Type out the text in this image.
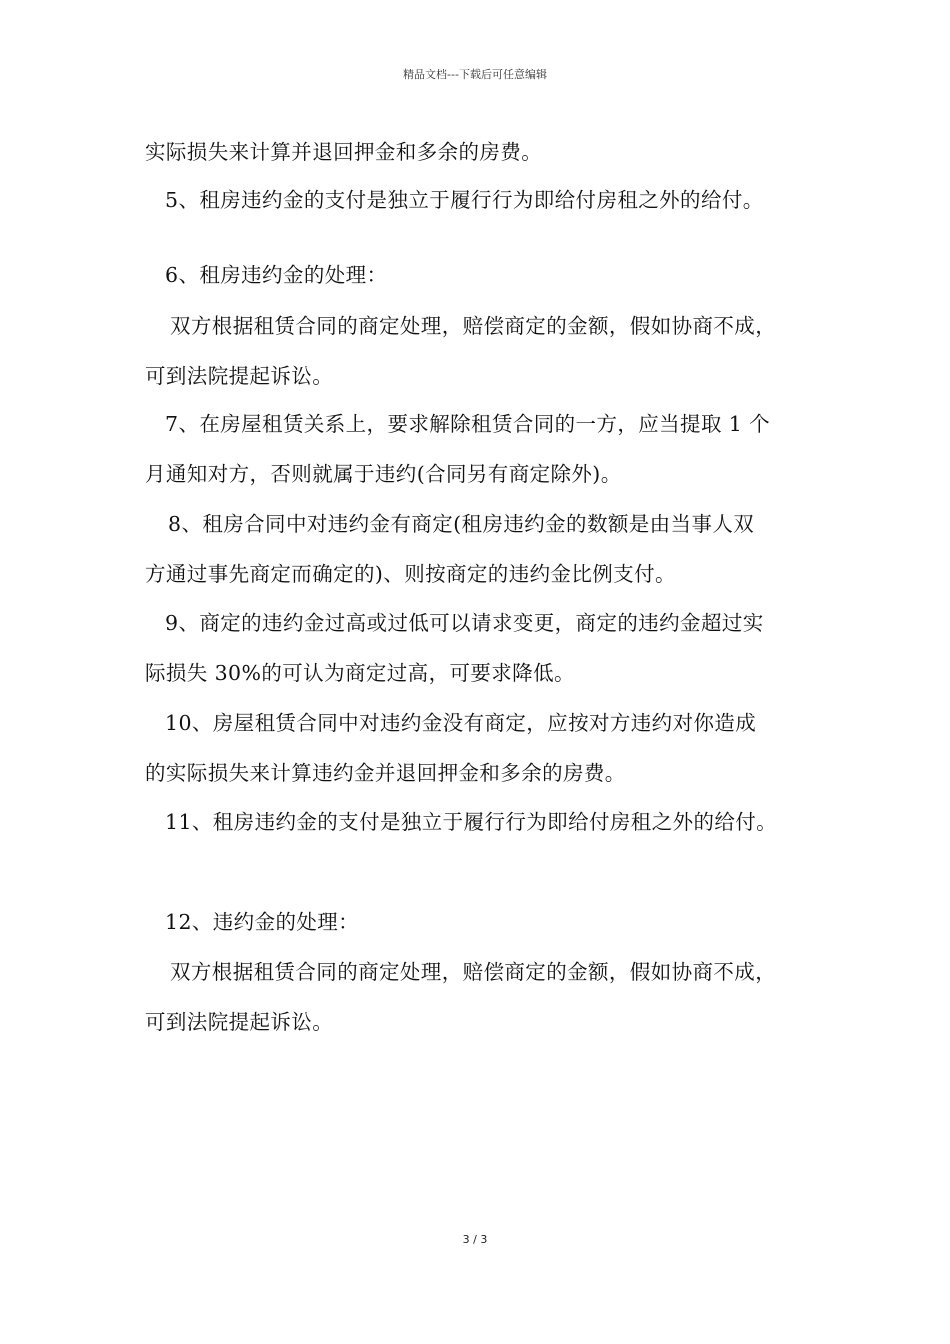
精品文档---下载后可任意编辑
实际损失来计算并退回押金和多余的房费。
5、租房违约金的支付是独立于履行行为即给付房租之外的给付。
6、租房违约金的处理：
双方根据租赁合同的商定处理，赔偿商定的金额，假如协商不成，
可到法院提起诉讼。
7、在房屋租赁关系上，要求解除租赁合同的一方，应当提取 1 个
月通知对方，否则就属于违约(合同另有商定除外)。
8、租房合同中对违约金有商定(租房违约金的数额是由当事人双
方通过事先商定而确定的)、则按商定的违约金比例支付。
9、商定的违约金过高或过低可以请求变更，商定的违约金超过实
际损失 30%的可认为商定过高，可要求降低。
10、房屋租赁合同中对违约金没有商定，应按对方违约对你造成
的实际损失来计算违约金并退回押金和多余的房费。
11、租房违约金的支付是独立于履行行为即给付房租之外的给付。
12、违约金的处理：
双方根据租赁合同的商定处理，赔偿商定的金额，假如协商不成，
可到法院提起诉讼。
3 / 3
